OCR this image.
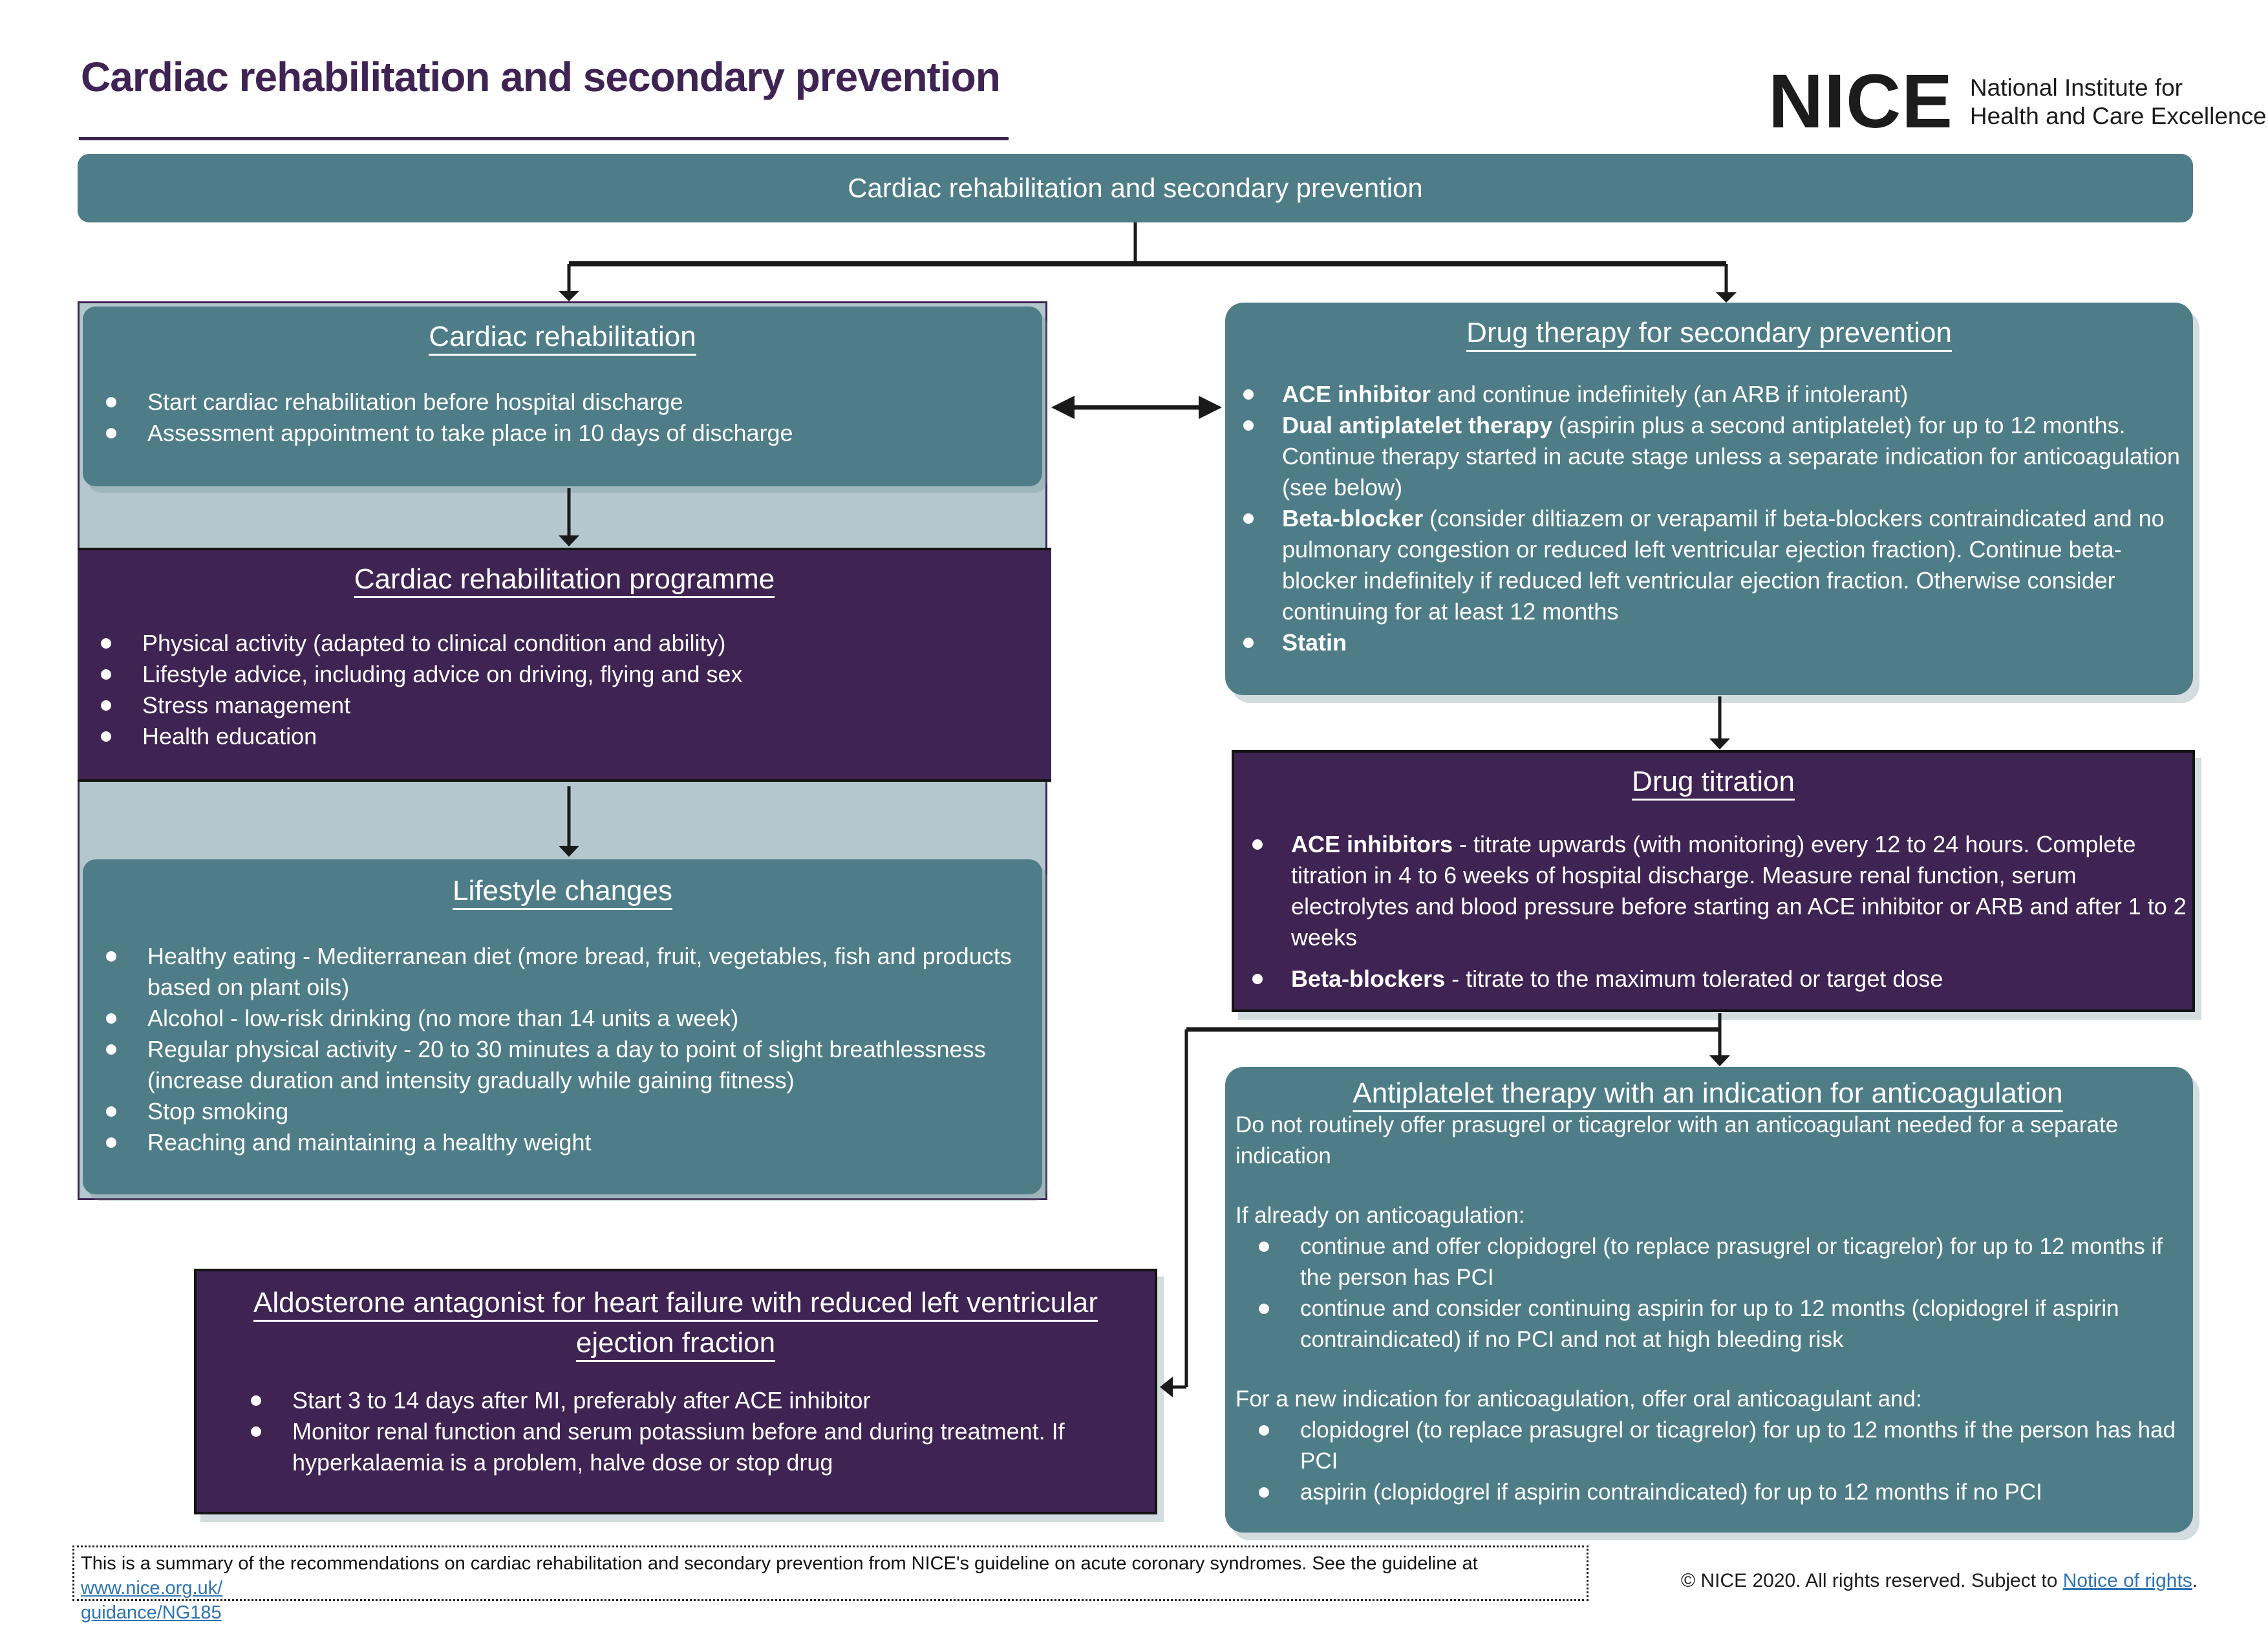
Cardiac rehabilitation and secondary prevention	NICE National Institute for
Health and Care Excellence
Cardiac rehabilitation and secondary prevention
Cardiac rehabilitation
Start cardiac rehabilitation before hospital discharge
Assessment appointment to take place in 10 days of discharge
Cardiac rehabilitation programme
Physical activity (adapted to clinical condition and ability)
Lifestyle advice, including advice on driving, flying and sex
Stress management
Health education
Lifestyle changes
Healthy eating - Mediterranean diet (more bread, fruit, vegetables, fish and products based on plant oils)
Alcohol - low-risk drinking (no more than 14 units a week)
Regular physical activity - 20 to 30 minutes a day to point of slight breathlessness (increase duration and intensity gradually while gaining fitness)
Stop smoking
Reaching and maintaining a healthy weight
Drug therapy for secondary prevention
ACE inhibitor and continue indefinitely (an ARB if intolerant)
Dual antiplatelet therapy (aspirin plus a second antiplatelet) for up to 12 months. Continue therapy started in acute stage unless a separate indication for anticoagulation (see below)
Beta-blocker (consider diltiazem or verapamil if beta-blockers contraindicated and no pulmonary congestion or reduced left ventricular ejection fraction). Continue beta-blocker indefinitely if reduced left ventricular ejection fraction. Otherwise consider continuing for at least 12 months
Statin
Drug titration
ACE inhibitors - titrate upwards (with monitoring) every 12 to 24 hours. Complete titration in 4 to 6 weeks of hospital discharge. Measure renal function, serum electrolytes and blood pressure before starting an ACE inhibitor or ARB and after 1 to 2 weeks
Beta-blockers - titrate to the maximum tolerated or target dose
Antiplatelet therapy with an indication for anticoagulation
Do not routinely offer prasugrel or ticagrelor with an anticoagulant needed for a separate indication
If already on anticoagulation:
continue and offer clopidogrel (to replace prasugrel or ticagrelor) for up to 12 months if the person has PCI
continue and consider continuing aspirin for up to 12 months (clopidogrel if aspirin contraindicated) if no PCI and not at high bleeding risk
For a new indication for anticoagulation, offer oral anticoagulant and:
clopidogrel (to replace prasugrel or ticagrelor) for up to 12 months if the person has had PCI
aspirin (clopidogrel if aspirin contraindicated) for up to 12 months if no PCI
Aldosterone antagonist for heart failure with reduced left ventricular ejection fraction
Start 3 to 14 days after MI, preferably after ACE inhibitor
Monitor renal function and serum potassium before and during treatment. If hyperkalaemia is a problem, halve dose or stop drug
This is a summary of the recommendations on cardiac rehabilitation and secondary prevention from NICE's guideline on acute coronary syndromes. See the guideline at www.nice.org.uk/
guidance/NG185
© NICE 2020. All rights reserved. Subject to Notice of rights.
